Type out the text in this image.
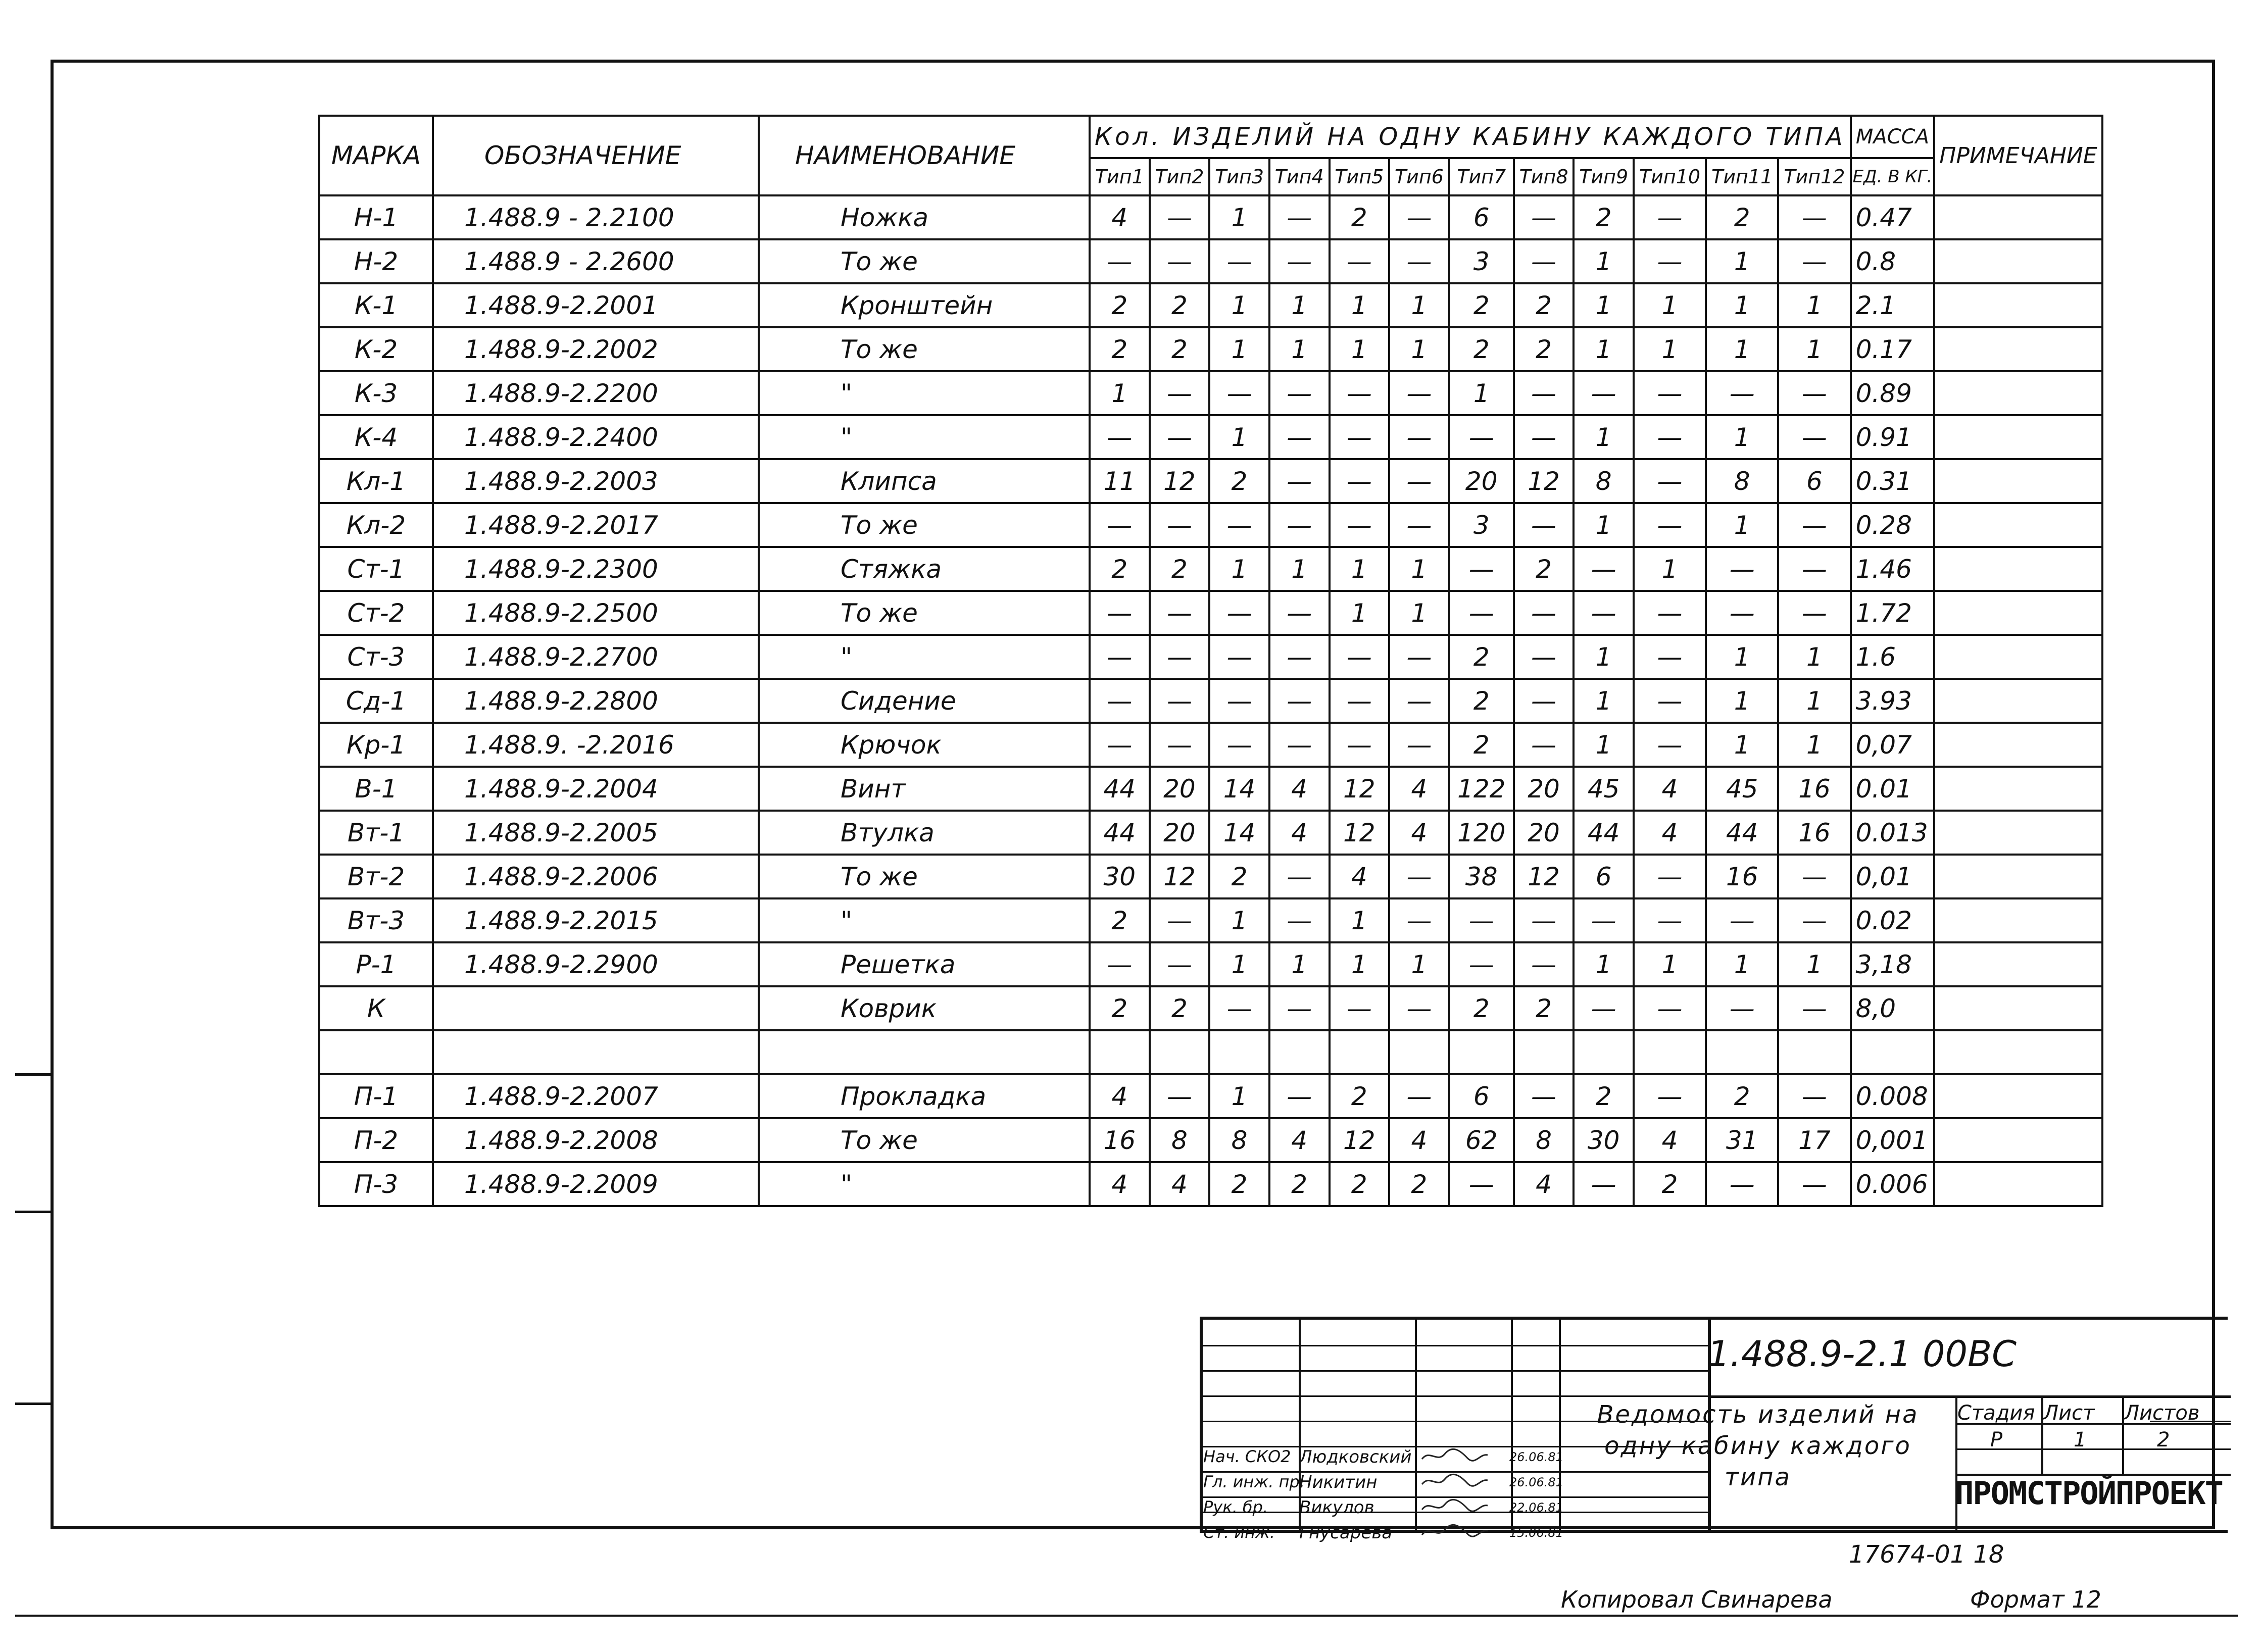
МАРКА	ОБОЗНАЧЕНИЕ	НАИМЕНОВАНИЕ	Кол. ИЗДЕЛИЙ НА ОДНУ КАБИНУ КАЖДОГО ТИПА												МАССА	ПРИМЕЧАНИЕ
			Тип1	Тип2	Тип3	Тип4	Тип5	Тип6	Тип7	Тип8	Тип9	Тип10	Тип11	Тип12	ЕД. В КГ.	
Н-1	1.488.9 - 2.2100	Ножка	4	—	1	—	2	—	6	—	2	—	2	—	0.47	
Н-2	1.488.9 - 2.2600	То же	—	—	—	—	—	—	3	—	1	—	1	—	0.8	
К-1	1.488.9-2.2001	Кронштейн	2	2	1	1	1	1	2	2	1	1	1	1	2.1	
К-2	1.488.9-2.2002	То же	2	2	1	1	1	1	2	2	1	1	1	1	0.17	
К-3	1.488.9-2.2200	"	1	—	—	—	—	—	1	—	—	—	—	—	0.89	
К-4	1.488.9-2.2400	"	—	—	1	—	—	—	—	—	1	—	1	—	0.91	
Кл-1	1.488.9-2.2003	Клипса	11	12	2	—	—	—	20	12	8	—	8	6	0.31	
Кл-2	1.488.9-2.2017	То же	—	—	—	—	—	—	3	—	1	—	1	—	0.28	
Ст-1	1.488.9-2.2300	Стяжка	2	2	1	1	1	1	—	2	—	1	—	—	1.46	
Ст-2	1.488.9-2.2500	То же	—	—	—	—	1	1	—	—	—	—	—	—	1.72	
Ст-3	1.488.9-2.2700	"	—	—	—	—	—	—	2	—	1	—	1	1	1.6	
Сд-1	1.488.9-2.2800	Сидение	—	—	—	—	—	—	2	—	1	—	1	1	3.93	
Кр-1	1.488.9. -2.2016	Крючок	—	—	—	—	—	—	2	—	1	—	1	1	0,07	
В-1	1.488.9-2.2004	Винт	44	20	14	4	12	4	122	20	45	4	45	16	0.01	
Вт-1	1.488.9-2.2005	Втулка	44	20	14	4	12	4	120	20	44	4	44	16	0.013	
Вт-2	1.488.9-2.2006	То же	30	12	2	—	4	—	38	12	6	—	16	—	0,01	
Вт-3	1.488.9-2.2015	"	2	—	1	—	1	—	—	—	—	—	—	—	0.02	
Р-1	1.488.9-2.2900	Решетка	—	—	1	1	1	1	—	—	1	1	1	1	3,18	
К		Коврик	2	2	—	—	—	—	2	2	—	—	—	—	8,0	

П-1	1.488.9-2.2007	Прокладка	4	—	1	—	2	—	6	—	2	—	2	—	0.008	
П-2	1.488.9-2.2008	То же	16	8	8	4	12	4	62	8	30	4	31	17	0,001	
П-3	1.488.9-2.2009	"	4	4	2	2	2	2	—	4	—	2	—	—	0.006	
Нач. СКО2 Людковский	26.06.81
Гл. инж. пр.
Никитин	26.06.81
Рук. бр. Викулов	22.06.81
Ст. инж. Гнусарева	15.06.81
1.488.9-2.1 00ВС
Ведомость изделий на одну кабину каждого типа
Стадия Лист Листов
Р	1	2
ПРОМСТРОЙПРОЕКТ
17674-01 18
Копировал Свинарева	Формат 12
